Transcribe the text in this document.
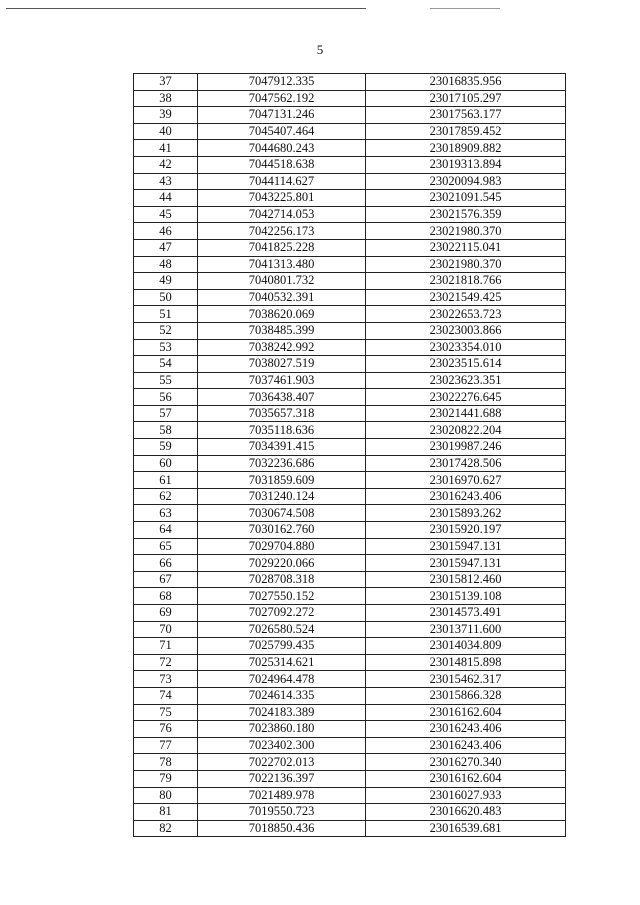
5
37	7047912.335	23016835.956
38	7047562.192	23017105.297
39	7047131.246	23017563.177
40	7045407.464	23017859.452
41	7044680.243	23018909.882
42	7044518.638	23019313.894
43	7044114.627	23020094.983
44	7043225.801	23021091.545
45	7042714.053	23021576.359
46	7042256.173	23021980.370
47	7041825.228	23022115.041
48	7041313.480	23021980.370
49	7040801.732	23021818.766
50	7040532.391	23021549.425
51	7038620.069	23022653.723
52	7038485.399	23023003.866
53	7038242.992	23023354.010
54	7038027.519	23023515.614
55	7037461.903	23023623.351
56	7036438.407	23022276.645
57	7035657.318	23021441.688
58	7035118.636	23020822.204
59	7034391.415	23019987.246
60	7032236.686	23017428.506
61	7031859.609	23016970.627
62	7031240.124	23016243.406
63	7030674.508	23015893.262
64	7030162.760	23015920.197
65	7029704.880	23015947.131
66	7029220.066	23015947.131
67	7028708.318	23015812.460
68	7027550.152	23015139.108
69	7027092.272	23014573.491
70	7026580.524	23013711.600
71	7025799.435	23014034.809
72	7025314.621	23014815.898
73	7024964.478	23015462.317
74	7024614.335	23015866.328
75	7024183.389	23016162.604
76	7023860.180	23016243.406
77	7023402.300	23016243.406
78	7022702.013	23016270.340
79	7022136.397	23016162.604
80	7021489.978	23016027.933
81	7019550.723	23016620.483
82	7018850.436	23016539.681
